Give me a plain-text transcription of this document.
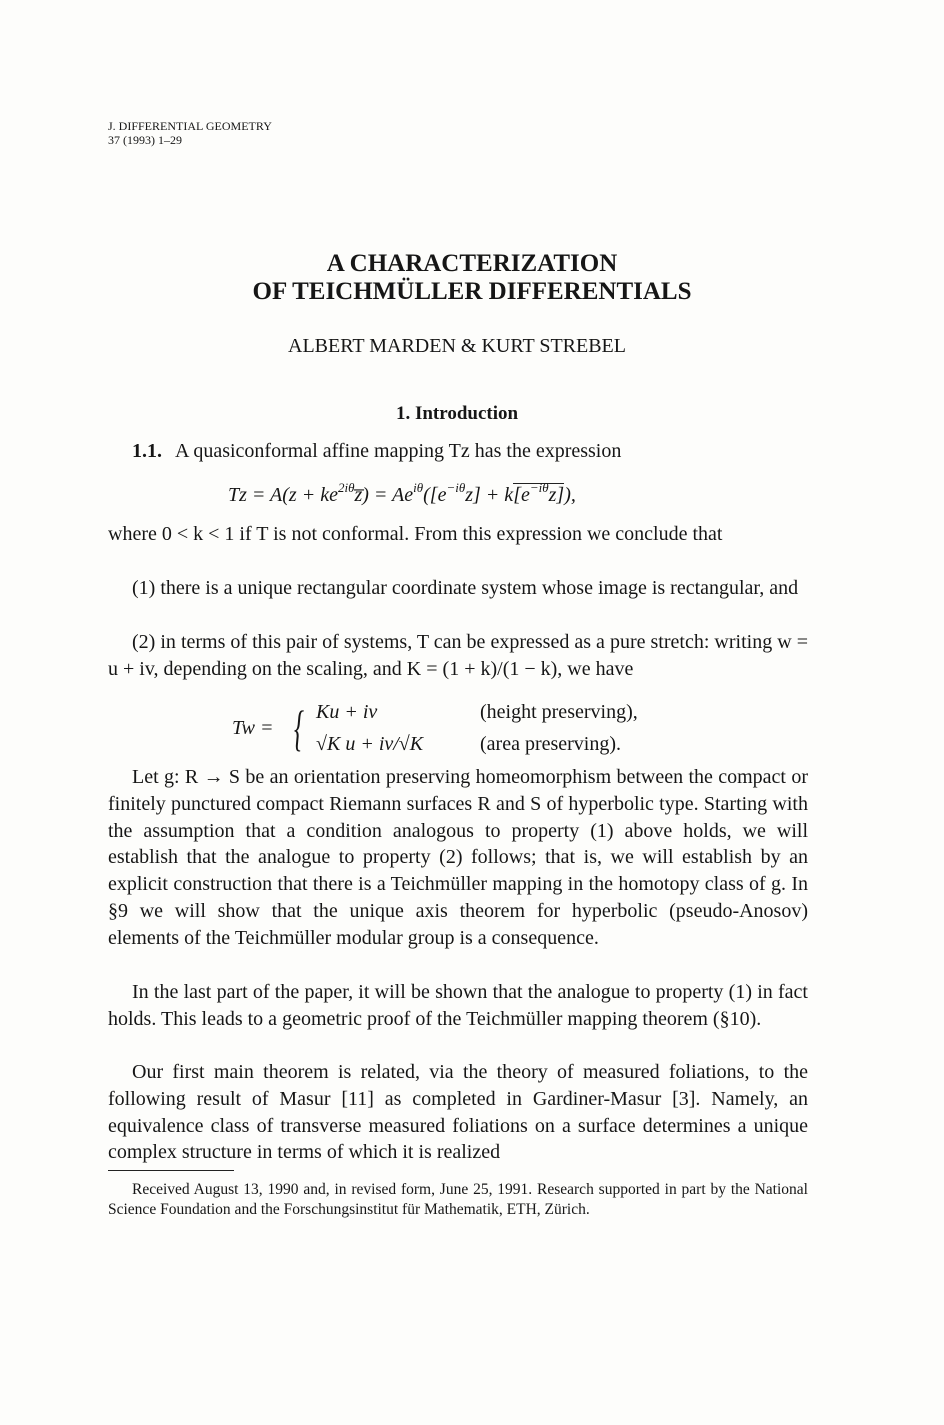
J. DIFFERENTIAL GEOMETRY
37 (1993) 1–29
A CHARACTERIZATION
OF TEICHMÜLLER DIFFERENTIALS
ALBERT MARDEN & KURT STREBEL
1. Introduction
1.1. A quasiconformal affine mapping Tz has the expression
$Tz = A(z + ke^{2i\theta}z̅) = Ae^{i\theta}([e^{-i\theta}z] + k[e^{-i\theta}z])$,
where 0 < k < 1 if T is not conformal. From this expression we conclude that
(1) there is a unique rectangular coordinate system whose image is rectangular, and
(2) in terms of this pair of systems, T can be expressed as a pure stretch: writing w = u + iv, depending on the scaling, and K = (1 + k)/(1 − k), we have
Tw = { Ku + iv	(height preserving),
√K u + iv/√K	(area preserving).
Let g: R → S be an orientation preserving homeomorphism between the compact or finitely punctured compact Riemann surfaces R and S of hyperbolic type. Starting with the assumption that a condition analogous to property (1) above holds, we will establish that the analogue to property (2) follows; that is, we will establish by an explicit construction that there is a Teichmüller mapping in the homotopy class of g. In §9 we will show that the unique axis theorem for hyperbolic (pseudo-Anosov) elements of the Teichmüller modular group is a consequence.
In the last part of the paper, it will be shown that the analogue to property (1) in fact holds. This leads to a geometric proof of the Teichmüller mapping theorem (§10).
Our first main theorem is related, via the theory of measured foliations, to the following result of Masur [11] as completed in Gardiner-Masur [3]. Namely, an equivalence class of transverse measured foliations on a surface determines a unique complex structure in terms of which it is realized
Received August 13, 1990 and, in revised form, June 25, 1991. Research supported in part by the National Science Foundation and the Forschungsinstitut für Mathematik, ETH, Zürich.
